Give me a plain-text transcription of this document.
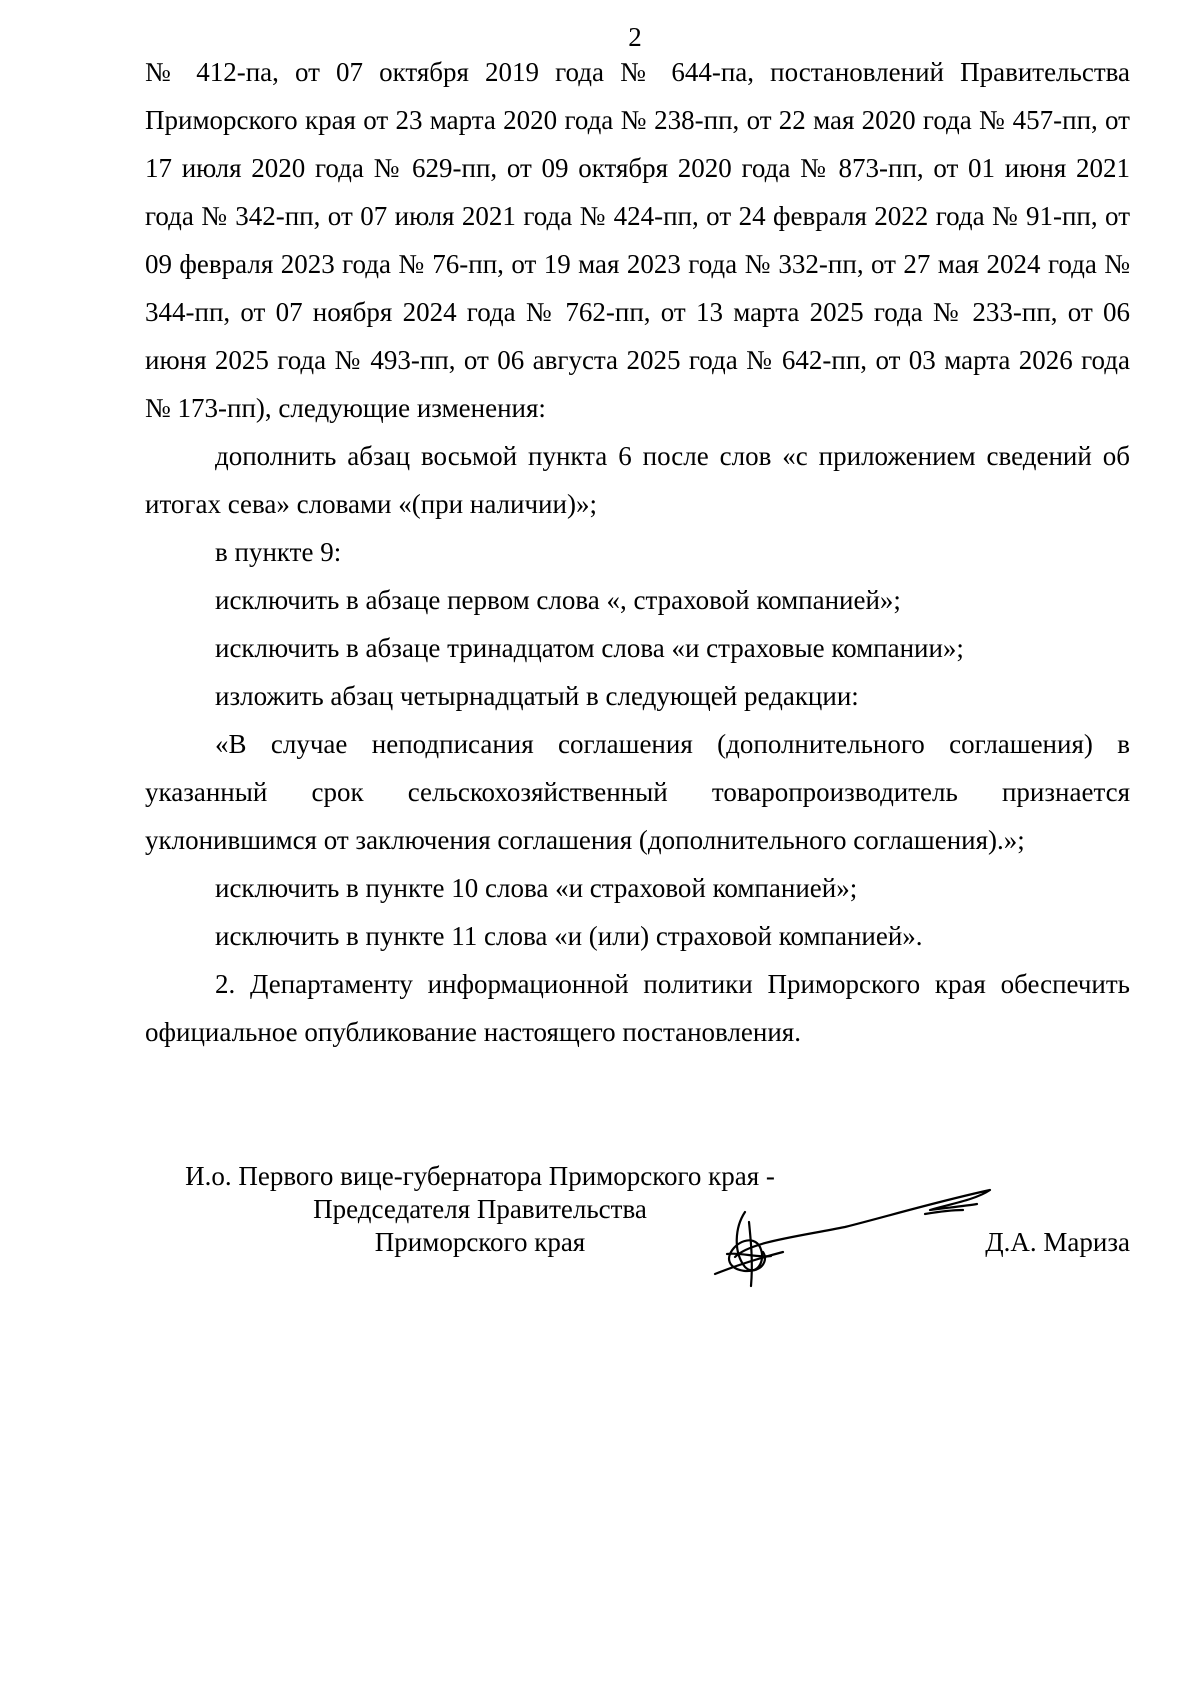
2

№ 412-па, от 07 октября 2019 года № 644-па, постановлений Правительства Приморского края от 23 марта 2020 года № 238-пп, от 22 мая 2020 года № 457-пп, от 17 июля 2020 года № 629-пп, от 09 октября 2020 года № 873-пп, от 01 июня 2021 года № 342-пп, от 07 июля 2021 года № 424-пп, от 24 февраля 2022 года № 91-пп, от 09 февраля 2023 года № 76-пп, от 19 мая 2023 года № 332-пп, от 27 мая 2024 года № 344-пп, от 07 ноября 2024 года № 762-пп, от 13 марта 2025 года № 233-пп, от 06 июня 2025 года № 493-пп, от 06 августа 2025 года № 642-пп, от 03 марта 2026 года № 173-пп), следующие изменения:

дополнить абзац восьмой пункта 6 после слов «с приложением сведений об итогах сева» словами «(при наличии)»;

в пункте 9:

исключить в абзаце первом слова «, страховой компанией»;

исключить в абзаце тринадцатом слова «и страховые компании»;

изложить абзац четырнадцатый в следующей редакции:

«В случае неподписания соглашения (дополнительного соглашения) в указанный срок сельскохозяйственный товаропроизводитель признается уклонившимся от заключения соглашения (дополнительного соглашения).»;

исключить в пункте 10 слова «и страховой компанией»;

исключить в пункте 11 слова «и (или) страховой компанией».

2. Департаменту информационной политики Приморского края обеспечить официальное опубликование настоящего постановления.

И.о. Первого вице-губернатора Приморского края -
Председателя Правительства
Приморского края	Д.А. Мариза
